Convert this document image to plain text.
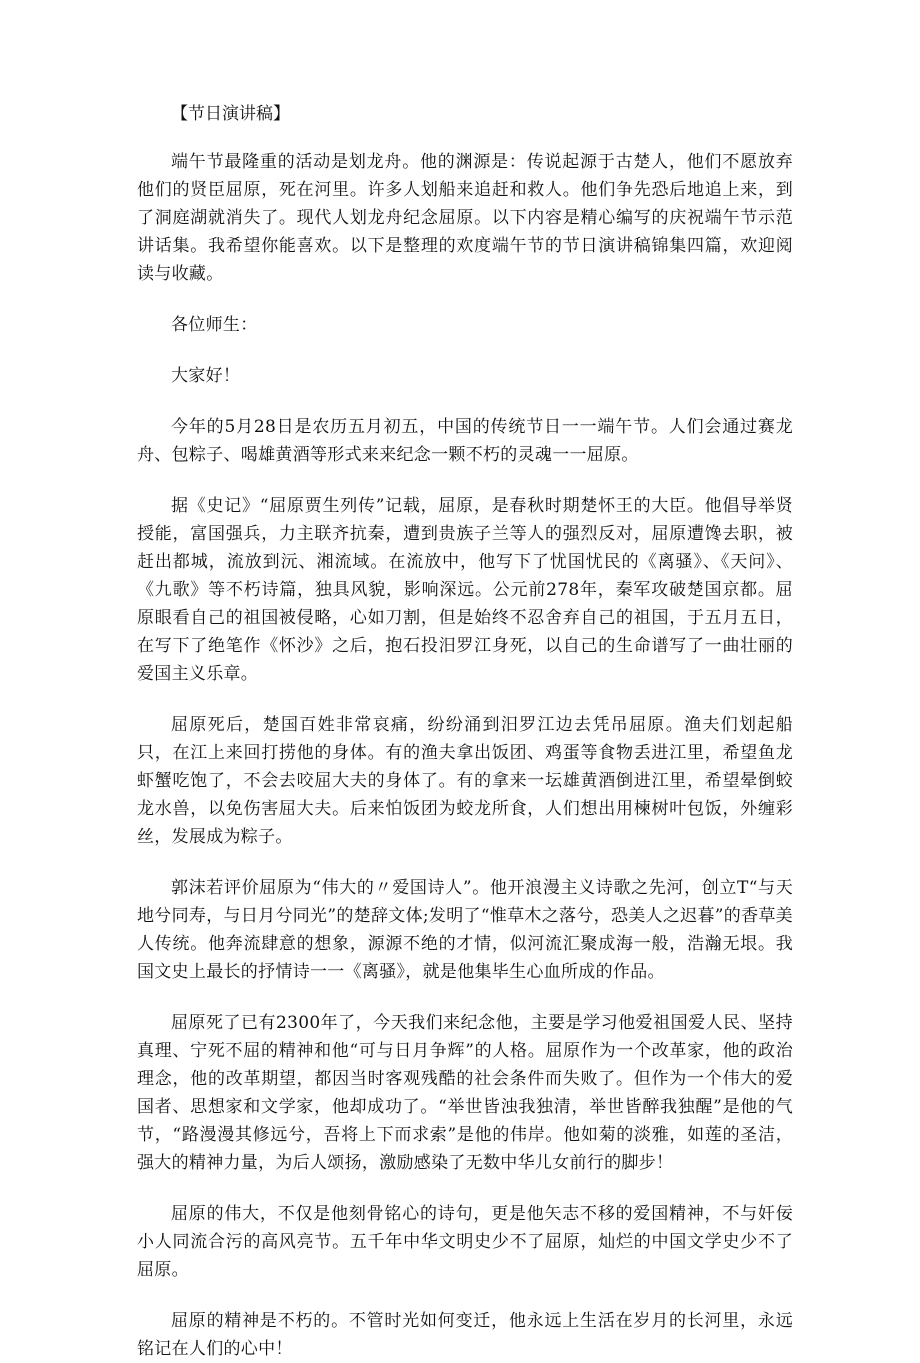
【节日演讲稿】

端午节最隆重的活动是划龙舟。他的渊源是：传说起源于古楚人，他们不愿放弃他们的贤臣屈原，死在河里。许多人划船来追赶和救人。他们争先恐后地追上来，到了洞庭湖就消失了。现代人划龙舟纪念屈原。以下内容是精心编写的庆祝端午节示范讲话集。我希望你能喜欢。以下是整理的欢度端午节的节日演讲稿锦集四篇，欢迎阅读与收藏。

各位师生：

大家好！

今年的5月28日是农历五月初五，中国的传统节日一一端午节。人们会通过赛龙舟、包粽子、喝雄黄酒等形式来来纪念一颗不朽的灵魂一一屈原。

据《史记》“屈原贾生列传”记载，屈原，是春秋时期楚怀王的大臣。他倡导举贤授能，富国强兵，力主联齐抗秦，遭到贵族子兰等人的强烈反对，屈原遭馋去职，被赶出都城，流放到沅、湘流域。在流放中，他写下了忧国忧民的《离骚》、《天问》、《九歌》等不朽诗篇，独具风貌，影响深远。公元前278年，秦军攻破楚国京都。屈原眼看自己的祖国被侵略，心如刀割，但是始终不忍舍弃自己的祖国，于五月五日，在写下了绝笔作《怀沙》之后，抱石投汨罗江身死，以自己的生命谱写了一曲壮丽的爱国主义乐章。

屈原死后，楚国百姓非常哀痛，纷纷涌到汨罗江边去凭吊屈原。渔夫们划起船只，在江上来回打捞他的身体。有的渔夫拿出饭团、鸡蛋等食物丢进江里，希望鱼龙虾蟹吃饱了，不会去咬屈大夫的身体了。有的拿来一坛雄黄酒倒进江里，希望晕倒蛟龙水兽，以免伤害屈大夫。后来怕饭团为蛟龙所食，人们想出用楝树叶包饭，外缠彩丝，发展成为粽子。

郭沫若评价屈原为“伟大的〃爱国诗人”。他开浪漫主义诗歌之先河，创立T“与天地兮同寿，与日月兮同光”的楚辞文体;发明了“惟草木之落兮，恐美人之迟暮”的香草美人传统。他奔流肆意的想象，源源不绝的才情，似河流汇聚成海一般，浩瀚无垠。我国文史上最长的抒情诗一一《离骚》，就是他集毕生心血所成的作品。

屈原死了已有2300年了，今天我们来纪念他，主要是学习他爱祖国爱人民、坚持真理、宁死不屈的精神和他“可与日月争辉”的人格。屈原作为一个改革家，他的政治理念，他的改革期望，都因当时客观残酷的社会条件而失败了。但作为一个伟大的爱国者、思想家和文学家，他却成功了。“举世皆浊我独清，举世皆醉我独醒”是他的气节，“路漫漫其修远兮，吾将上下而求索”是他的伟岸。他如菊的淡雅，如莲的圣洁，强大的精神力量，为后人颂扬，激励感染了无数中华儿女前行的脚步！

屈原的伟大，不仅是他刻骨铭心的诗句，更是他矢志不移的爱国精神，不与奸佞小人同流合污的高风亮节。五千年中华文明史少不了屈原，灿烂的中国文学史少不了屈原。

屈原的精神是不朽的。不管时光如何变迁，他永远上生活在岁月的长河里，永远铭记在人们的心中！
